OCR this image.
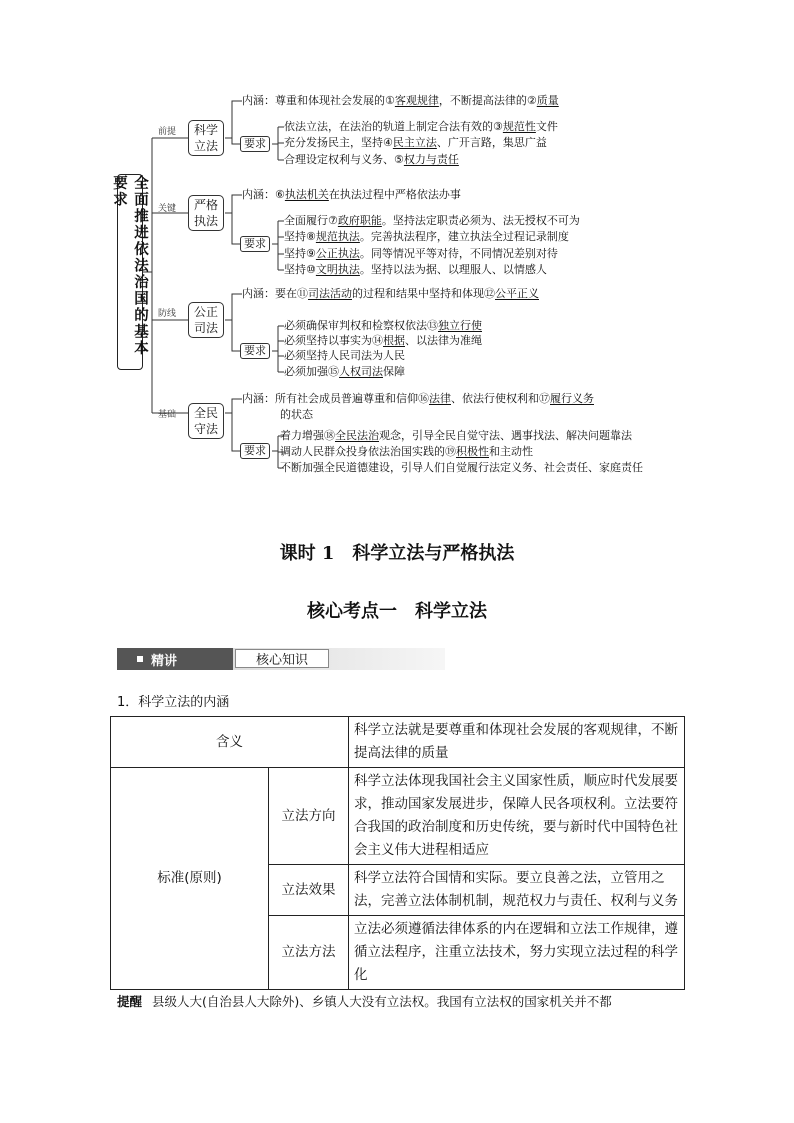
全面推进依法治国的基本要求
前提	科学立法
内涵：尊重和体现社会发展的①客观规律，不断提高法律的②质量
要求
依法立法，在法治的轨道上制定合法有效的③规范性文件
充分发扬民主，坚持④民主立法、广开言路，集思广益
合理设定权利与义务、⑤权力与责任
关键	严格执法
内涵：⑥执法机关在执法过程中严格依法办事
要求
全面履行⑦政府职能。坚持法定职责必须为、法无授权不可为
坚持⑧规范执法。完善执法程序，建立执法全过程记录制度
坚持⑨公正执法。同等情况平等对待，不同情况差别对待
坚持⑩文明执法。坚持以法为据、以理服人、以情感人
防线	公正司法
内涵：要在⑪司法活动的过程和结果中坚持和体现⑫公平正义
要求
必须确保审判权和检察权依法⑬独立行使
必须坚持以事实为⑭根据、以法律为准绳
必须坚持人民司法为人民
必须加强⑮人权司法保障
基础	全民守法
内涵：所有社会成员普遍尊重和信仰⑯法律、依法行使权利和⑰履行义务
的状态
要求
着力增强⑱全民法治观念，引导全民自觉守法、遇事找法、解决问题靠法
调动人民群众投身依法治国实践的⑲积极性和主动性
不断加强全民道德建设，引导人们自觉履行法定义务、社会责任、家庭责任
课时 1　科学立法与严格执法
核心考点一　科学立法
精讲	核心知识
1．科学立法的内涵
含义		科学立法就是要尊重和体现社会发展的客观规律，不断提高法律的质量
标准(原则)	立法方向	科学立法体现我国社会主义国家性质，顺应时代发展要求，推动国家发展进步，保障人民各项权利。立法要符合我国的政治制度和历史传统，要与新时代中国特色社会主义伟大进程相适应
	立法效果	科学立法符合国情和实际。要立良善之法，立管用之法，完善立法体制机制，规范权力与责任、权利与义务
	立法方法	立法必须遵循法律体系的内在逻辑和立法工作规律，遵循立法程序，注重立法技术，努力实现立法过程的科学化
提醒 县级人大(自治县人大除外)、乡镇人大没有立法权。我国有立法权的国家机关并不都
